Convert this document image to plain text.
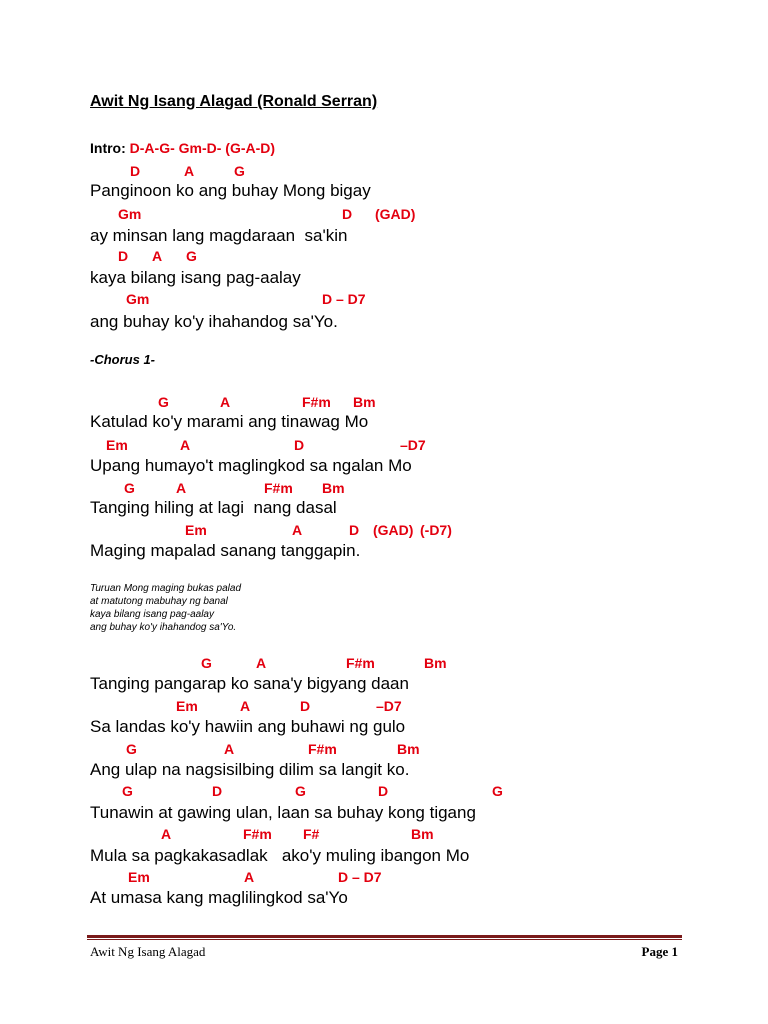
Awit Ng Isang Alagad (Ronald Serran)
Intro: D-A-G- Gm-D- (G-A-D)
D	A	G
Panginoon ko ang buhay Mong bigay
Gm	D (GAD)
ay minsan lang magdaraan  sa'kin
D A G
kaya bilang isang pag-aalay
Gm	D – D7
ang buhay ko'y ihahandog sa'Yo.
-Chorus 1-
G	A	F#m Bm
Katulad ko'y marami ang tinawag Mo
Em	A	D	–D7
Upang humayo't maglingkod sa ngalan Mo
G	A	F#m Bm
Tanging hiling at lagi  nang dasal
Em	A	D (GAD) (-D7)
Maging mapalad sanang tanggapin.
Turuan Mong maging bukas palad
at matutong mabuhay ng banal
kaya bilang isang pag-aalay
ang buhay ko'y ihahandog sa'Yo.
G	A	F#m	Bm
Tanging pangarap ko sana'y bigyang daan
Em	A	D	–D7
Sa landas ko'y hawiin ang buhawi ng gulo
G	A	F#m	Bm
Ang ulap na nagsisilbing dilim sa langit ko.
G	D	G	D	G
Tunawin at gawing ulan, laan sa buhay kong tigang
A	F#m F#	Bm
Mula sa pagkakasadlak   ako'y muling ibangon Mo
Em	A	D – D7
At umasa kang maglilingkod sa'Yo
Awit Ng Isang Alagad	Page 1
